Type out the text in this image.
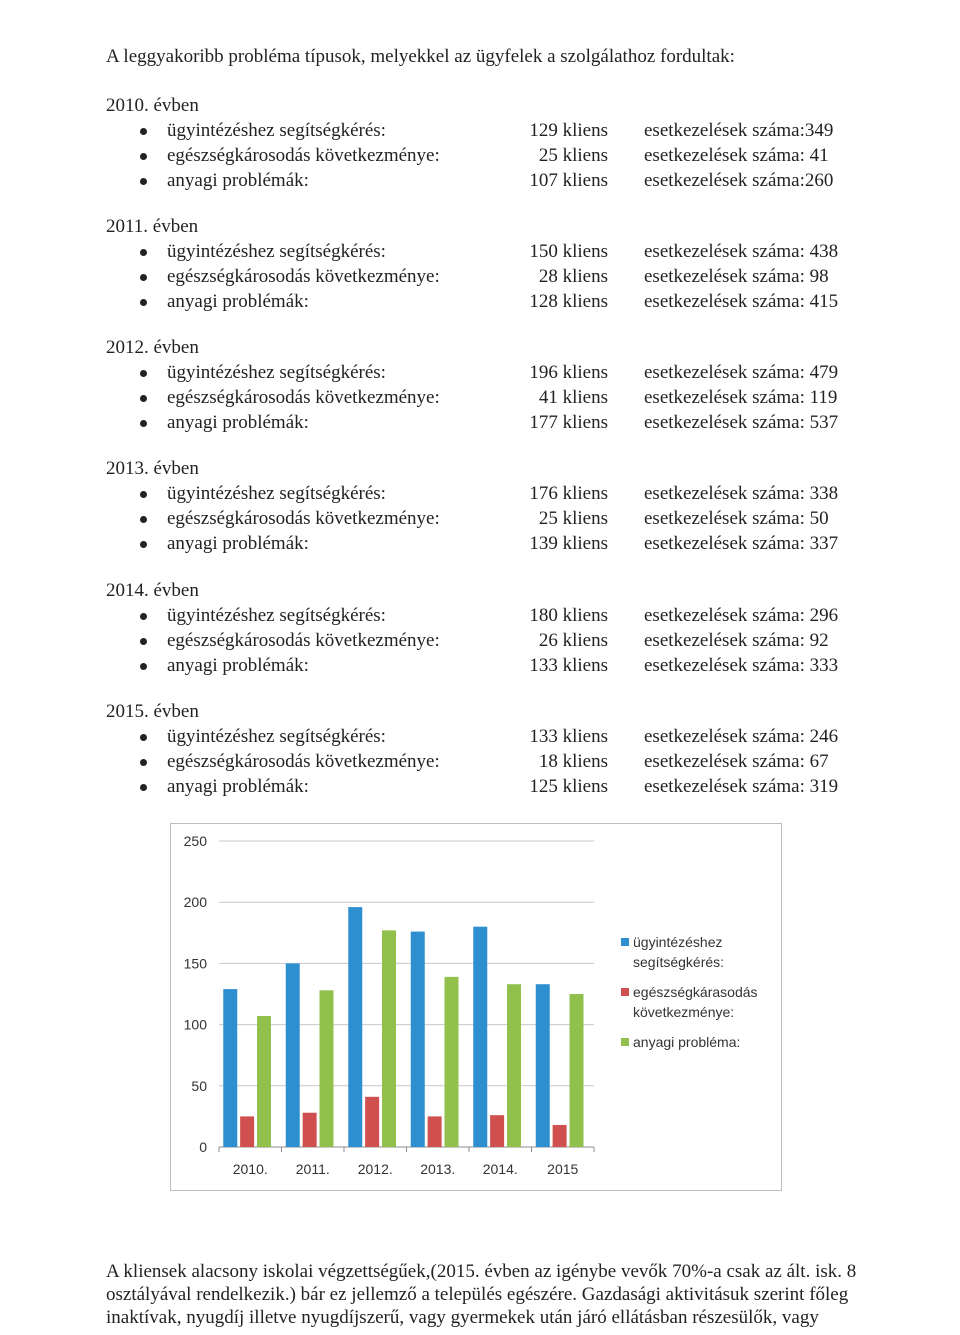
A leggyakoribb probléma típusok, melyekkel az ügyfelek a szolgálathoz fordultak:
2010. évben
ügyintézéshez segítségkérés:	129 kliens esetkezelések száma:349
egészségkárosodás következménye:	25 kliens esetkezelések száma: 41
anyagi problémák:	107 kliens esetkezelések száma:260
2011. évben
ügyintézéshez segítségkérés:	150 kliens esetkezelések száma: 438
egészségkárosodás következménye:	28 kliens esetkezelések száma: 98
anyagi problémák:	128 kliens esetkezelések száma: 415
2012. évben
ügyintézéshez segítségkérés:	196 kliens esetkezelések száma: 479
egészségkárosodás következménye:	41 kliens esetkezelések száma: 119
anyagi problémák:	177 kliens esetkezelések száma: 537
2013. évben
ügyintézéshez segítségkérés:	176 kliens esetkezelések száma: 338
egészségkárosodás következménye:	25 kliens esetkezelések száma: 50
anyagi problémák:	139 kliens esetkezelések száma: 337
2014. évben
ügyintézéshez segítségkérés:	180 kliens esetkezelések száma: 296
egészségkárosodás következménye:	26 kliens esetkezelések száma: 92
anyagi problémák:	133 kliens esetkezelések száma: 333
2015. évben
ügyintézéshez segítségkérés:	133 kliens esetkezelések száma: 246
egészségkárosodás következménye:	18 kliens esetkezelések száma: 67
anyagi problémák:	125 kliens esetkezelések száma: 319
0
50
100
150
200
250
2010. 2011. 2012. 2013. 2014. 2015
ügyintézéshez
segítségkérés:
egészségkárasodás
következménye:
anyagi probléma:
A kliensek alacsony iskolai végzettségűek,(2015. évben az igénybe vevők 70%-a csak az ált. isk. 8
osztályával rendelkezik.) bár ez jellemző a település egészére. Gazdasági aktivitásuk szerint főleg
inaktívak, nyugdíj illetve nyugdíjszerű, vagy gyermekek után járó ellátásban részesülők, vagy
